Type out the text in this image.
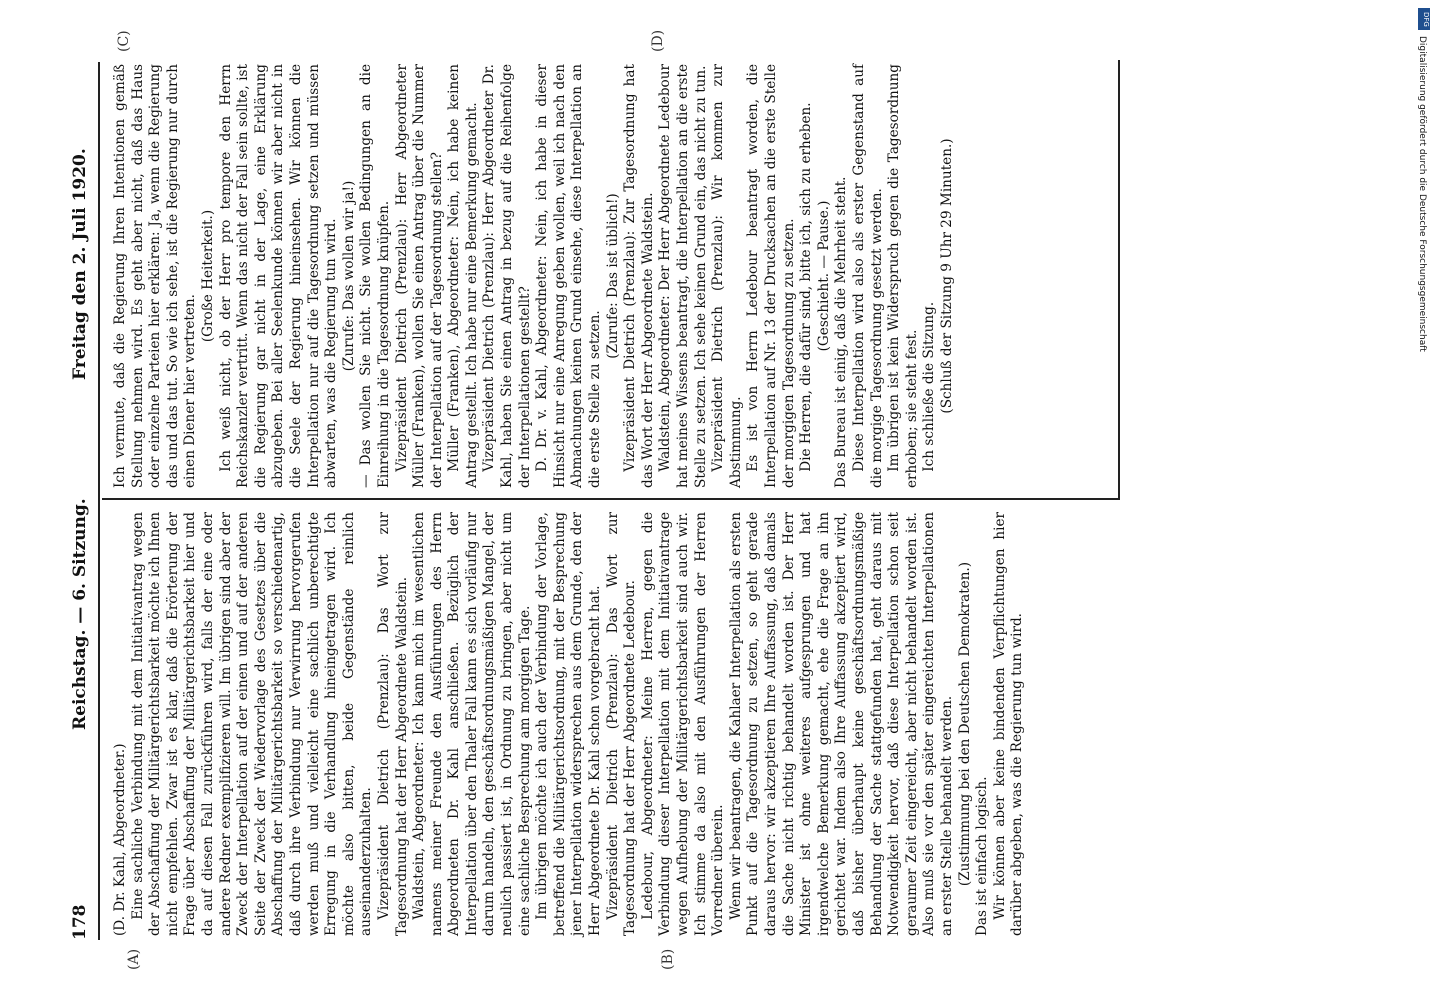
178
Reichstag. — 6. Sitzung.
Freitag den 2. Juli 1920.
(A)	(B)
(C)	(D)

(D. Dr. Kahl, Abgeordneter.) Eine sachliche Verbindung mit dem Initiativantrag wegen der Abschaffung der Militärgerichtsbarkeit möchte ich Ihnen nicht empfehlen. Zwar ist es klar, daß die Erörterung der Frage über Abschaffung der Militärgerichtsbarkeit hier und da auf diesen Fall zurückführen wird, falls der eine oder andere Redner exemplifizieren will. Im übrigen sind aber der Zweck der Interpellation auf der einen und auf der anderen Seite der Zweck der Wiedervorlage des Gesetzes über die Abschaffung der Militärgerichtsbarkeit so verschiedenartig, daß durch ihre Verbindung nur Verwirrung hervorgerufen werden muß und vielleicht eine sachlich unberechtigte Erregung in die Verhandlung hineingetragen wird. Ich möchte also bitten, beide Gegenstände reinlich auseinanderzuhalten. Vizepräsident Dietrich (Prenzlau): Das Wort zur Tagesordnung hat der Herr Abgeordnete Waldstein. Waldstein, Abgeordneter: Ich kann mich im wesentlichen namens meiner Freunde den Ausführungen des Herrn Abgeordneten Dr. Kahl anschließen. Bezüglich der Interpellation über den Thaler Fall kann es sich vorläufig nur darum handeln, den geschäftsordnungsmäßigen Mangel, der neulich passiert ist, in Ordnung zu bringen, aber nicht um eine sachliche Besprechung am morgigen Tage. Im übrigen möchte ich auch der Verbindung der Vorlage, betreffend die Militärgerichtsordnung, mit der Besprechung jener Interpellation widersprechen aus dem Grunde, den der Herr Abgeordnete Dr. Kahl schon vorgebracht hat. Vizepräsident Dietrich (Prenzlau): Das Wort zur Tagesordnung hat der Herr Abgeordnete Ledebour. Ledebour, Abgeordneter: Meine Herren, gegen die Verbindung dieser Interpellation mit dem Initiativantrage wegen Aufhebung der Militärgerichtsbarkeit sind auch wir. Ich stimme da also mit den Ausführungen der Herren Vorredner überein. Wenn wir beantragen, die Kahlaer Interpellation als ersten Punkt auf die Tagesordnung zu setzen, so geht gerade daraus hervor: wir akzeptieren Ihre Auffassung, daß damals die Sache nicht richtig behandelt worden ist. Der Herr Minister ist ohne weiteres aufgesprungen und hat irgendwelche Bemerkung gemacht, ehe die Frage an ihn gerichtet war. Indem also Ihre Auffassung akzeptiert wird, daß bisher überhaupt keine geschäftsordnungsmäßige Behandlung der Sache stattgefunden hat, geht daraus mit Notwendigkeit hervor, daß diese Interpellation schon seit geraumer Zeit eingereicht, aber nicht behandelt worden ist. Also muß sie vor den später eingereichten Interpellationen an erster Stelle behandelt werden. (Zustimmung bei den Deutschen Demokraten.) Das ist einfach logisch. Wir können aber keine bindenden Verpflichtungen hier darüber abgeben, was die Regierung tun wird.

Ich vermute, daß die Regierung Ihren Intentionen gemäß Stellung nehmen wird. Es geht aber nicht, daß das Haus oder einzelne Parteien hier erklären: Ja, wenn die Regierung das und das tut. So wie ich sehe, ist die Regierung nur durch einen Diener hier vertreten.

(Große Heiterkeit.) Ich weiß nicht, ob der Herr pro tempore den Herrn Reichskanzler vertritt. Wenn das nicht der Fall sein sollte, ist die Regierung gar nicht in der Lage, eine Erklärung abzugeben. Bei aller Seelenkunde können wir aber nicht in die Seele der Regierung hineinsehen. Wir können die Interpellation nur auf die Tagesordnung setzen und müssen abwarten, was die Regierung tun wird. (Zurufe: Das wollen wir ja!) — Das wollen Sie nicht. Sie wollen Bedingungen an die Einreihung in die Tagesordnung knüpfen. Vizepräsident Dietrich (Prenzlau): Herr Abgeordneter Müller (Franken), wollen Sie einen Antrag über die Nummer der Interpellation auf der Tagesordnung stellen? Müller (Franken), Abgeordneter: Nein, ich habe keinen Antrag gestellt. Ich habe nur eine Bemerkung gemacht. Vizepräsident Dietrich (Prenzlau): Herr Abgeordneter Dr. Kahl, haben Sie einen Antrag in bezug auf die Reihenfolge der Interpellationen gestellt? D. Dr. v. Kahl, Abgeordneter: Nein, ich habe in dieser Hinsicht nur eine Anregung geben wollen, weil ich nach den Abmachungen keinen Grund einsehe, diese Interpellation an die erste Stelle zu setzen.

(Zurufe: Das ist üblich!) Vizepräsident Dietrich (Prenzlau): Zur Tagesordnung hat das Wort der Herr Abgeordnete Waldstein. Waldstein, Abgeordneter: Der Herr Abgeordnete Ledebour hat meines Wissens beantragt, die Interpellation an die erste Stelle zu setzen. Ich sehe keinen Grund ein, das nicht zu tun. Vizepräsident Dietrich (Prenzlau): Wir kommen zur Abstimmung. Es ist von Herrn Ledebour beantragt worden, die Interpellation auf Nr. 13 der Drucksachen an die erste Stelle der morgigen Tagesordnung zu setzen. Die Herren, die dafür sind, bitte ich, sich zu erheben. (Geschieht. — Pause.) Das Bureau ist einig, daß die Mehrheit steht. Diese Interpellation wird also als erster Gegenstand auf die morgige Tagesordnung gesetzt werden. Im übrigen ist kein Widerspruch gegen die Tagesordnung erhoben; sie steht fest. Ich schließe die Sitzung. (Schluß der Sitzung 9 Uhr 29 Minuten.)

DFG
Digitalisierung gefördert durch die Deutsche Forschungsgemeinschaft
